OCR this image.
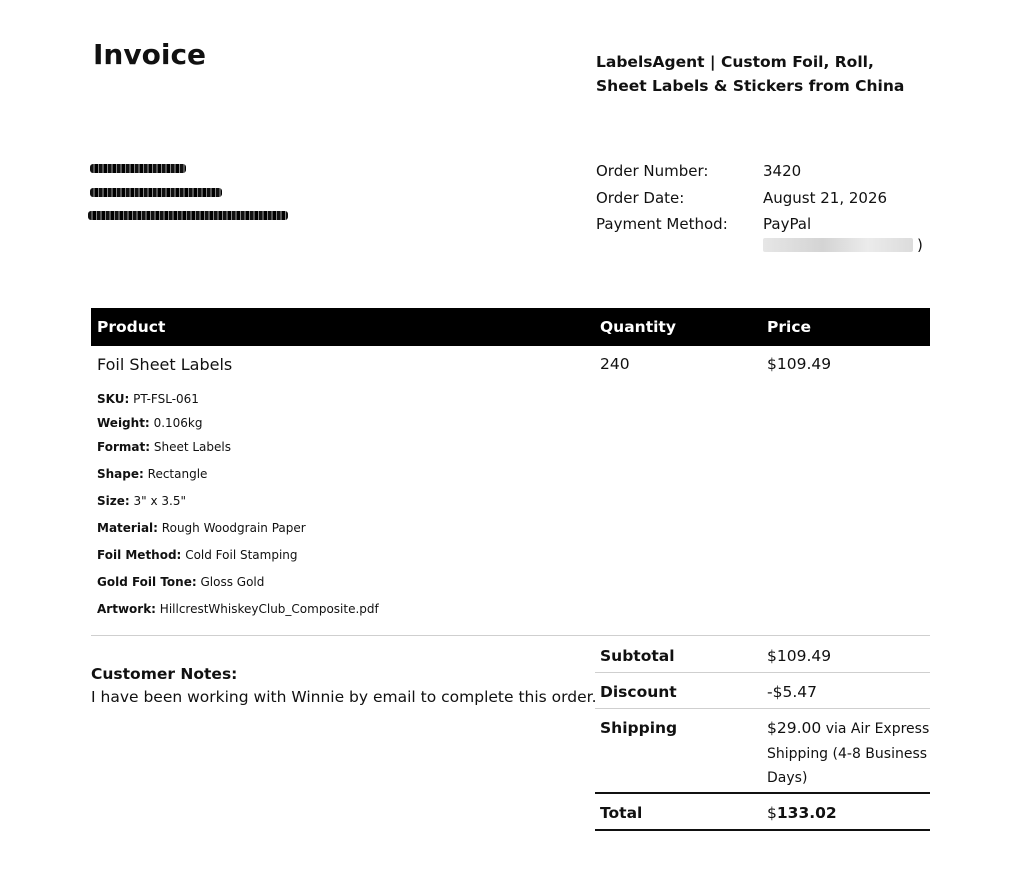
Invoice	LabelsAgent | Custom Foil, Roll, Sheet Labels & Stickers from China
Order Number:	3420
Order Date:	August 21, 2026
Payment Method:	PayPal
)
Product	Quantity	Price
Foil Sheet Labels	240	$109.49
SKU: PT-FSL-061
Weight: 0.106kg
Format: Sheet Labels
Shape: Rectangle
Size: 3" x 3.5"
Material: Rough Woodgrain Paper
Foil Method: Cold Foil Stamping
Gold Foil Tone: Gloss Gold
Artwork: HillcrestWhiskeyClub_Composite.pdf
Customer Notes:
I have been working with Winnie by email to complete this order.
Subtotal	$109.49
Discount	-$5.47
Shipping	$29.00 via Air Express Shipping (4-8 Business Days)
Total	$133.02
